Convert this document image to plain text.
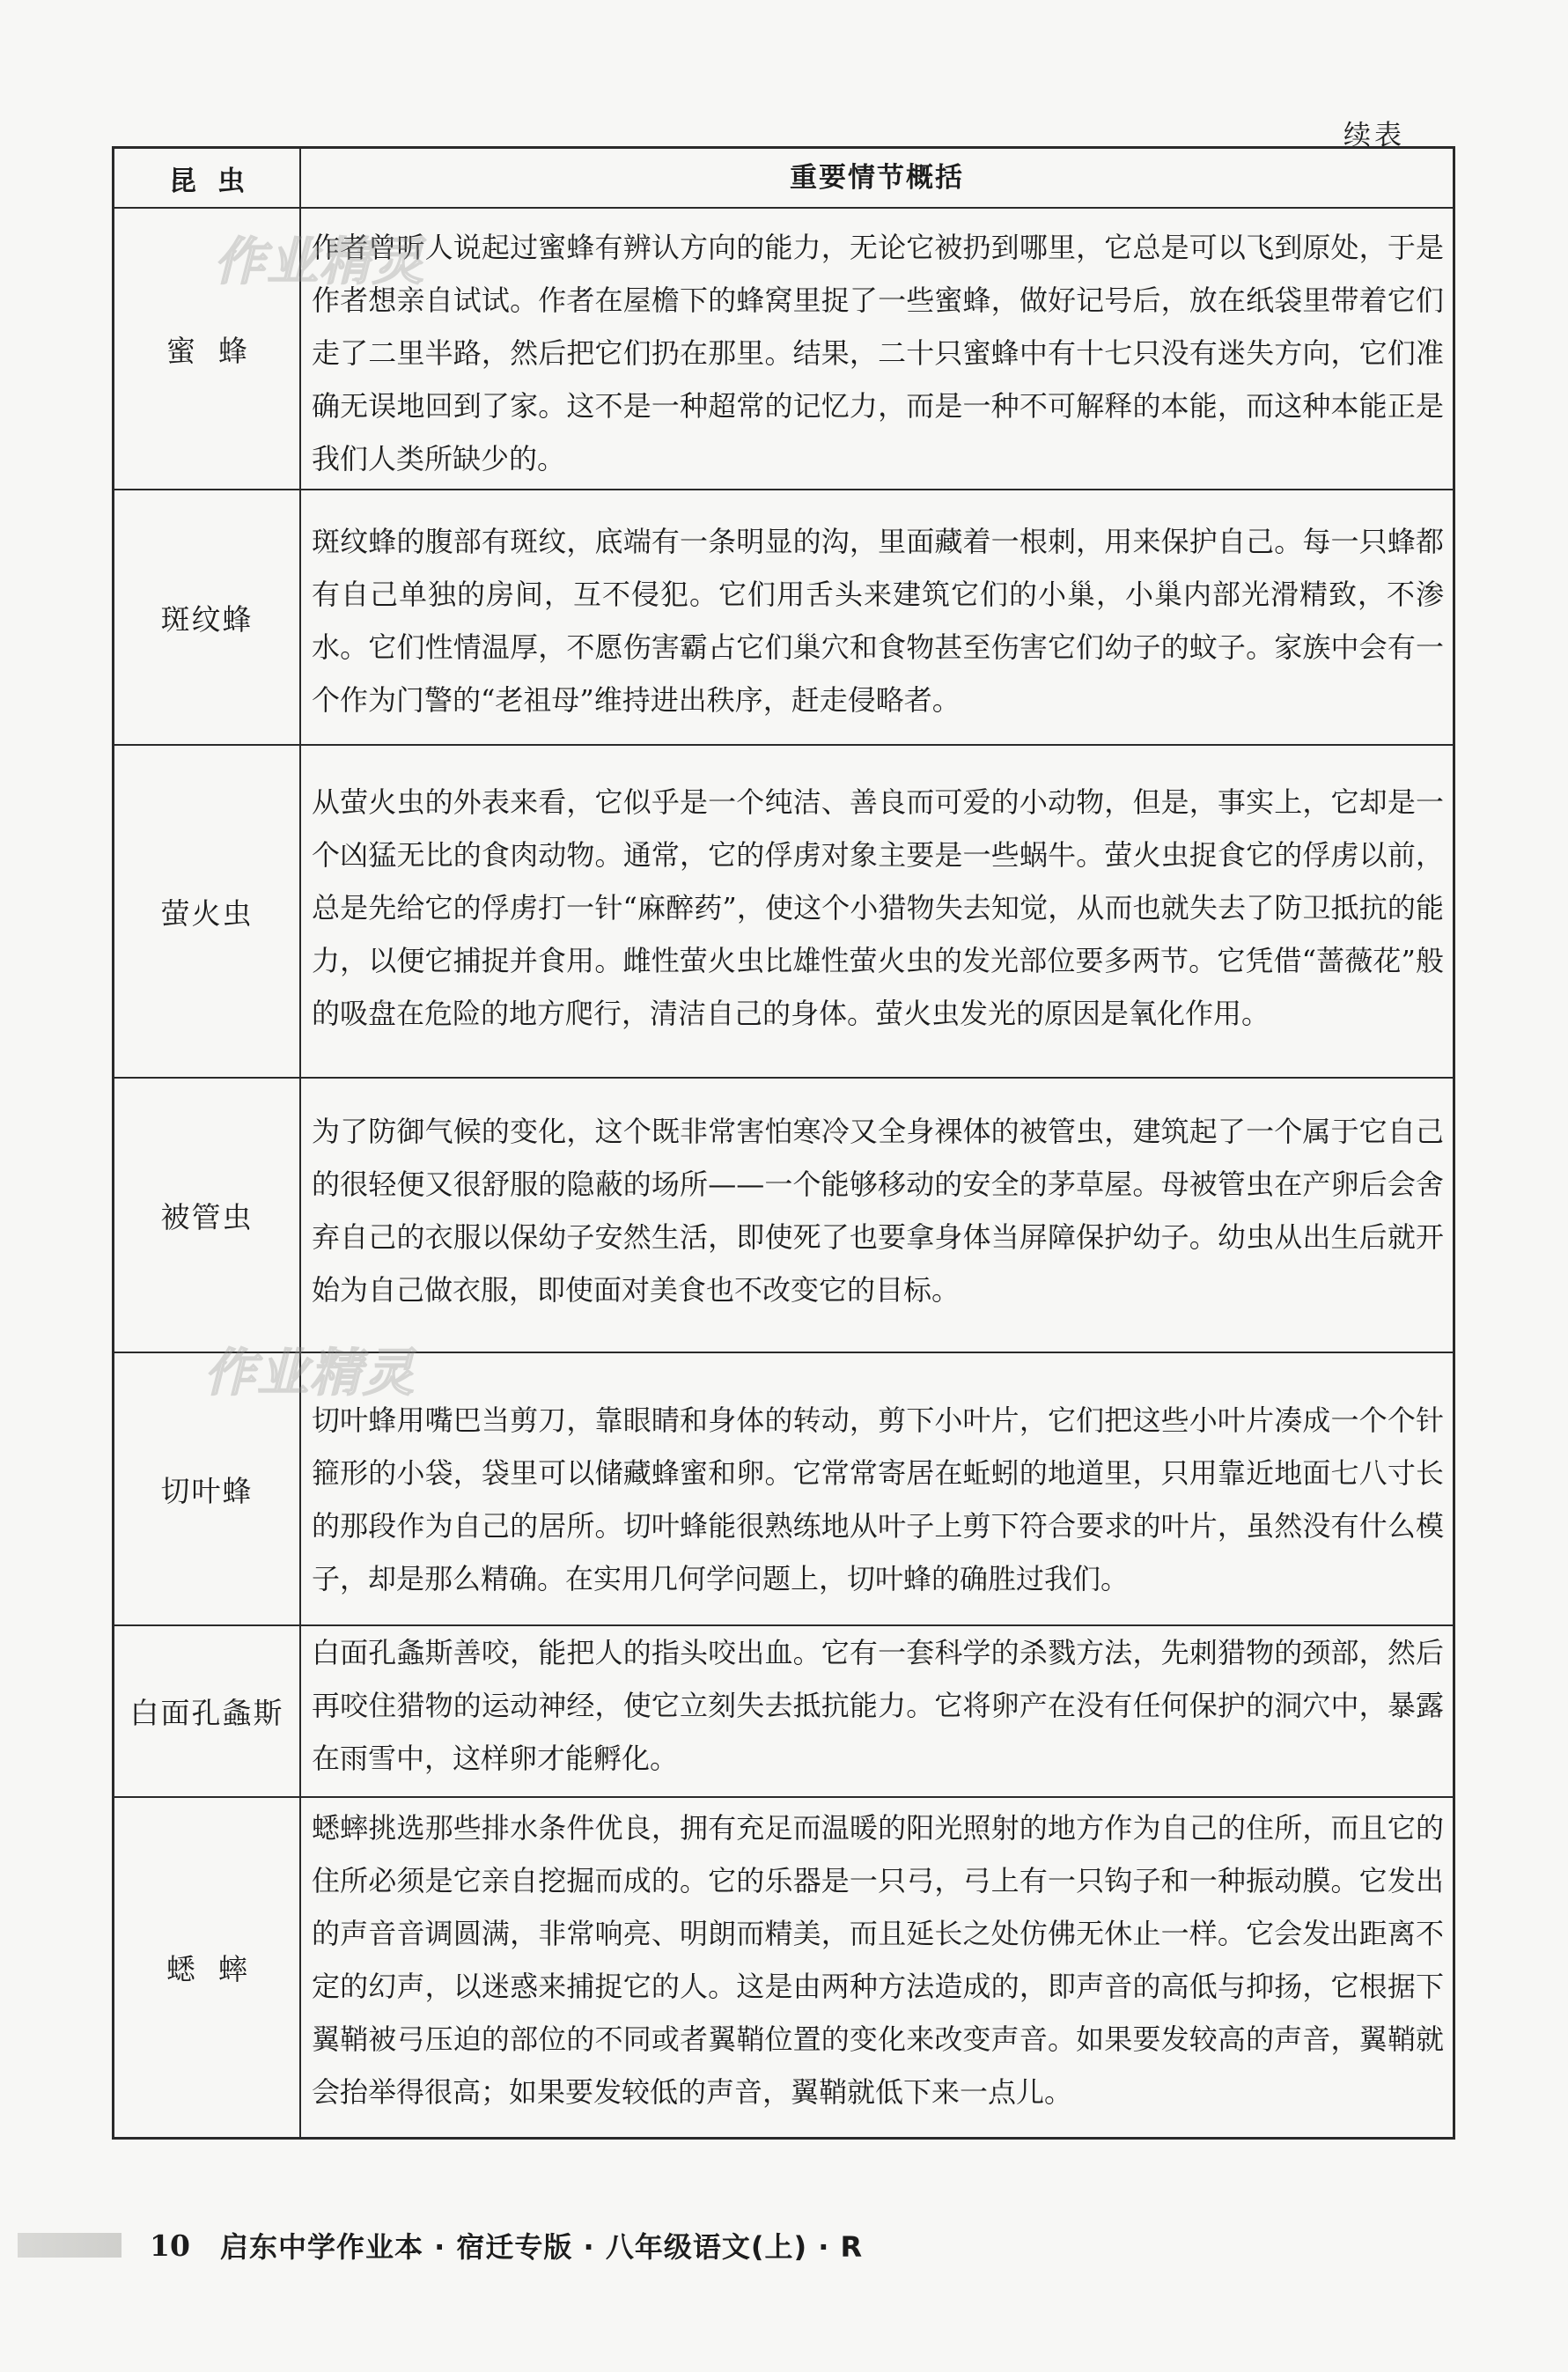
续表
昆虫	重要情节概括
蜜蜂
作者曾听人说起过蜜蜂有辨认方向的能力，无论它被扔到哪里，它总是可以飞到原处，于是作者想亲自试试。作者在屋檐下的蜂窝里捉了一些蜜蜂，做好记号后，放在纸袋里带着它们走了二里半路，然后把它们扔在那里。结果，二十只蜜蜂中有十七只没有迷失方向，它们准确无误地回到了家。这不是一种超常的记忆力，而是一种不可解释的本能，而这种本能正是我们人类所缺少的。
斑纹蜂
斑纹蜂的腹部有斑纹，底端有一条明显的沟，里面藏着一根刺，用来保护自己。每一只蜂都有自己单独的房间，互不侵犯。它们用舌头来建筑它们的小巢，小巢内部光滑精致，不渗水。它们性情温厚，不愿伤害霸占它们巢穴和食物甚至伤害它们幼子的蚊子。家族中会有一个作为门警的“老祖母”维持进出秩序，赶走侵略者。
萤火虫
从萤火虫的外表来看，它似乎是一个纯洁、善良而可爱的小动物，但是，事实上，它却是一个凶猛无比的食肉动物。通常，它的俘虏对象主要是一些蜗牛。萤火虫捉食它的俘虏以前，总是先给它的俘虏打一针“麻醉药”，使这个小猎物失去知觉，从而也就失去了防卫抵抗的能力，以便它捕捉并食用。雌性萤火虫比雄性萤火虫的发光部位要多两节。它凭借“蔷薇花”般的吸盘在危险的地方爬行，清洁自己的身体。萤火虫发光的原因是氧化作用。
被管虫
为了防御气候的变化，这个既非常害怕寒冷又全身裸体的被管虫，建筑起了一个属于它自己的很轻便又很舒服的隐蔽的场所——一个能够移动的安全的茅草屋。母被管虫在产卵后会舍弃自己的衣服以保幼子安然生活，即使死了也要拿身体当屏障保护幼子。幼虫从出生后就开始为自己做衣服，即使面对美食也不改变它的目标。
切叶蜂
切叶蜂用嘴巴当剪刀，靠眼睛和身体的转动，剪下小叶片，它们把这些小叶片凑成一个个针箍形的小袋，袋里可以储藏蜂蜜和卵。它常常寄居在蚯蚓的地道里，只用靠近地面七八寸长的那段作为自己的居所。切叶蜂能很熟练地从叶子上剪下符合要求的叶片，虽然没有什么模子，却是那么精确。在实用几何学问题上，切叶蜂的确胜过我们。
白面孔螽斯
白面孔螽斯善咬，能把人的指头咬出血。它有一套科学的杀戮方法，先刺猎物的颈部，然后再咬住猎物的运动神经，使它立刻失去抵抗能力。它将卵产在没有任何保护的洞穴中，暴露在雨雪中，这样卵才能孵化。
蟋蟀
蟋蟀挑选那些排水条件优良，拥有充足而温暖的阳光照射的地方作为自己的住所，而且它的住所必须是它亲自挖掘而成的。它的乐器是一只弓，弓上有一只钩子和一种振动膜。它发出的声音音调圆满，非常响亮、明朗而精美，而且延长之处仿佛无休止一样。它会发出距离不定的幻声，以迷惑来捕捉它的人。这是由两种方法造成的，即声音的高低与抑扬，它根据下翼鞘被弓压迫的部位的不同或者翼鞘位置的变化来改变声音。如果要发较高的声音，翼鞘就会抬举得很高；如果要发较低的声音，翼鞘就低下来一点儿。
作业精灵
作业精灵
10 启东中学作业本 · 宿迁专版 · 八年级语文(上) · R
